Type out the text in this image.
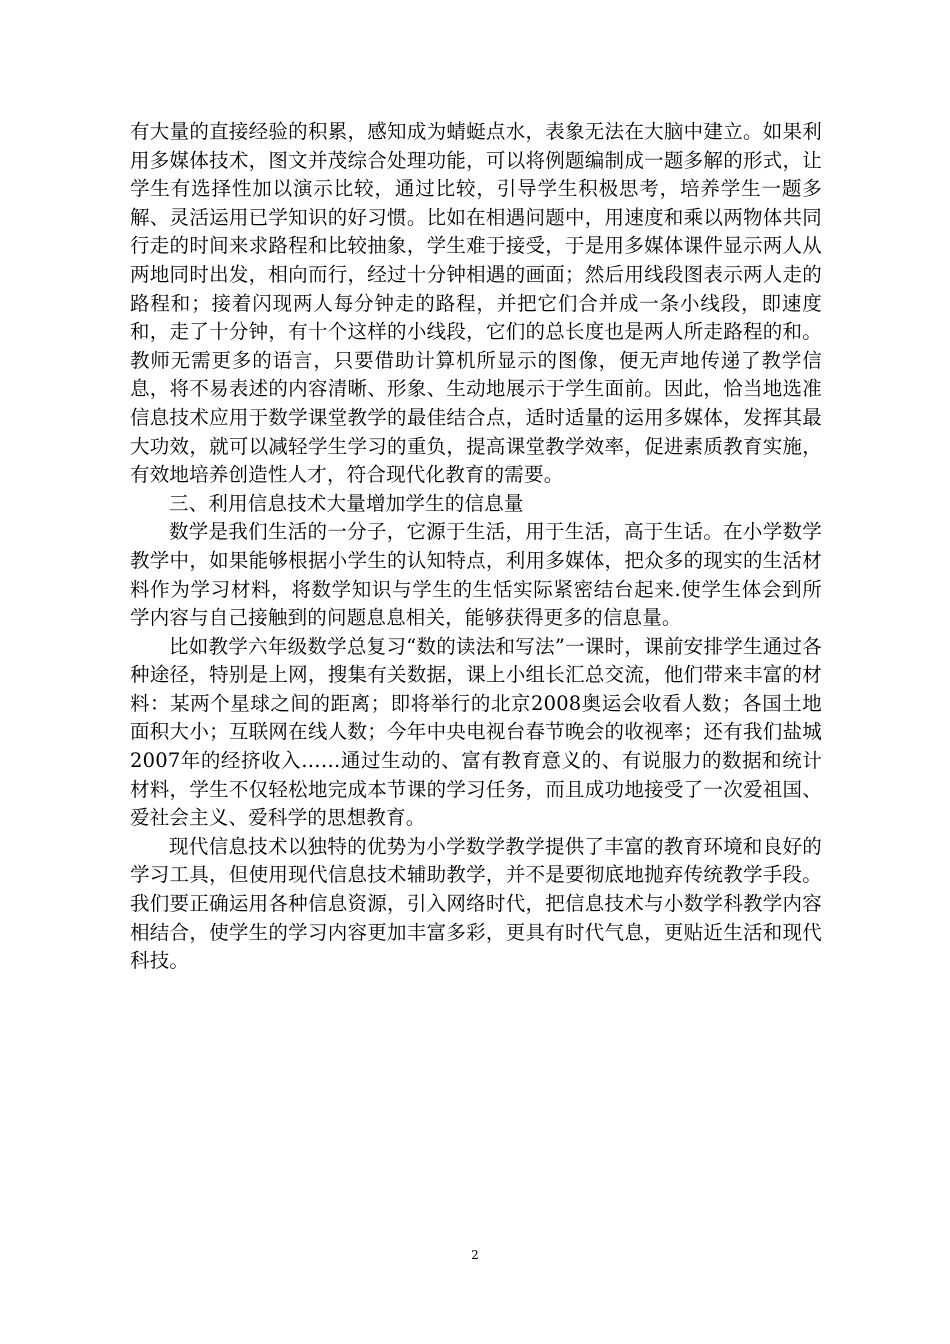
有大量的直接经验的积累，感知成为蜻蜓点水，表象无法在大脑中建立。如果利用多媒体技术，图文并茂综合处理功能，可以将例题编制成一题多解的形式，让学生有选择性加以演示比较，通过比较，引导学生积极思考，培养学生一题多解、灵活运用已学知识的好习惯。比如在相遇问题中，用速度和乘以两物体共同行走的时间来求路程和比较抽象，学生难于接受，于是用多媒体课件显示两人从两地同时出发，相向而行，经过十分钟相遇的画面；然后用线段图表示两人走的路程和；接着闪现两人每分钟走的路程，并把它们合并成一条小线段，即速度和，走了十分钟，有十个这样的小线段，它们的总长度也是两人所走路程的和。教师无需更多的语言，只要借助计算机所显示的图像，便无声地传递了教学信息，将不易表述的内容清晰、形象、生动地展示于学生面前。因此，恰当地选准信息技术应用于数学课堂教学的最佳结合点，适时适量的运用多媒体，发挥其最大功效，就可以减轻学生学习的重负，提高课堂教学效率，促进素质教育实施，有效地培养创造性人才，符合现代化教育的需要。

三、利用信息技术大量增加学生的信息量

数学是我们生活的一分子，它源于生活，用于生活，高于生话。在小学数学教学中，如果能够根据小学生的认知特点，利用多媒体，把众多的现实的生活材料作为学习材料，将数学知识与学生的生恬实际紧密结台起来.使学生体会到所学内容与自己接触到的问题息息相关，能够获得更多的信息量。

比如教学六年级数学总复习“数的读法和写法”一课时，课前安排学生通过各种途径，特别是上网，搜集有关数据，课上小组长汇总交流，他们带来丰富的材料：某两个星球之间的距离；即将举行的北京2008奥运会收看人数；各国土地面积大小；互联网在线人数；今年中央电视台春节晚会的收视率；还有我们盐城2007年的经挤收入……通过生动的、富有教育意义的、有说服力的数据和统计材料，学生不仅轻松地完成本节课的学习任务，而且成功地接受了一次爱祖国、爱社会主义、爱科学的思想教育。

现代信息技术以独特的优势为小学数学教学提供了丰富的教育环境和良好的学习工具，但使用现代信息技术辅助教学，并不是要彻底地抛弃传统教学手段。我们要正确运用各种信息资源，引入网络时代，把信息技术与小数学科教学内容相结合，使学生的学习内容更加丰富多彩，更具有时代气息，更贴近生活和现代科技。

2
